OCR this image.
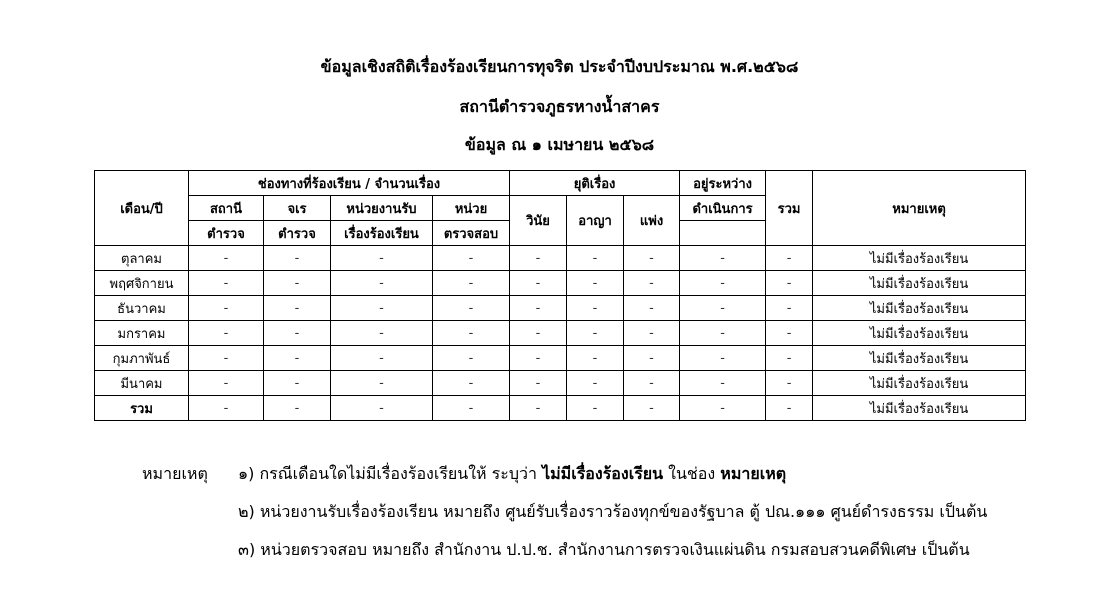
ข้อมูลเชิงสถิติเรื่องร้องเรียนการทุจริต ประจำปีงบประมาณ พ.ศ.๒๕๖๘
สถานีตำรวจภูธรหางน้ำสาคร
ข้อมูล ณ ๑ เมษายน ๒๕๖๘
เดือน/ปี	ช่องทางที่ร้องเรียน / จำนวนเรื่อง				ยุติเรื่อง			อยู่ระหว่าง	รวม	หมายเหตุ
	สถานี	จเร	หน่วยงานรับ	หน่วย	วินัย	อาญา	แพ่ง	ดำเนินการ		
	ตำรวจ	ตำรวจ	เรื่องร้องเรียน	ตรวจสอบ						
ตุลาคม	-	-	-	-	-	-	-	-	-	ไม่มีเรื่องร้องเรียน
พฤศจิกายน	-	-	-	-	-	-	-	-	-	ไม่มีเรื่องร้องเรียน
ธันวาคม	-	-	-	-	-	-	-	-	-	ไม่มีเรื่องร้องเรียน
มกราคม	-	-	-	-	-	-	-	-	-	ไม่มีเรื่องร้องเรียน
กุมภาพันธ์	-	-	-	-	-	-	-	-	-	ไม่มีเรื่องร้องเรียน
มีนาคม	-	-	-	-	-	-	-	-	-	ไม่มีเรื่องร้องเรียน
รวม	-	-	-	-	-	-	-	-	-	ไม่มีเรื่องร้องเรียน
หมายเหตุ ๑) กรณีเดือนใดไม่มีเรื่องร้องเรียนให้ ระบุว่า ไม่มีเรื่องร้องเรียน ในช่อง หมายเหตุ
๒) หน่วยงานรับเรื่องร้องเรียน หมายถึง ศูนย์รับเรื่องราวร้องทุกข์ของรัฐบาล ตู้ ปณ.๑๑๑ ศูนย์ดำรงธรรม เป็นต้น
๓) หน่วยตรวจสอบ หมายถึง สำนักงาน ป.ป.ช. สำนักงานการตรวจเงินแผ่นดิน กรมสอบสวนคดีพิเศษ เป็นต้น
